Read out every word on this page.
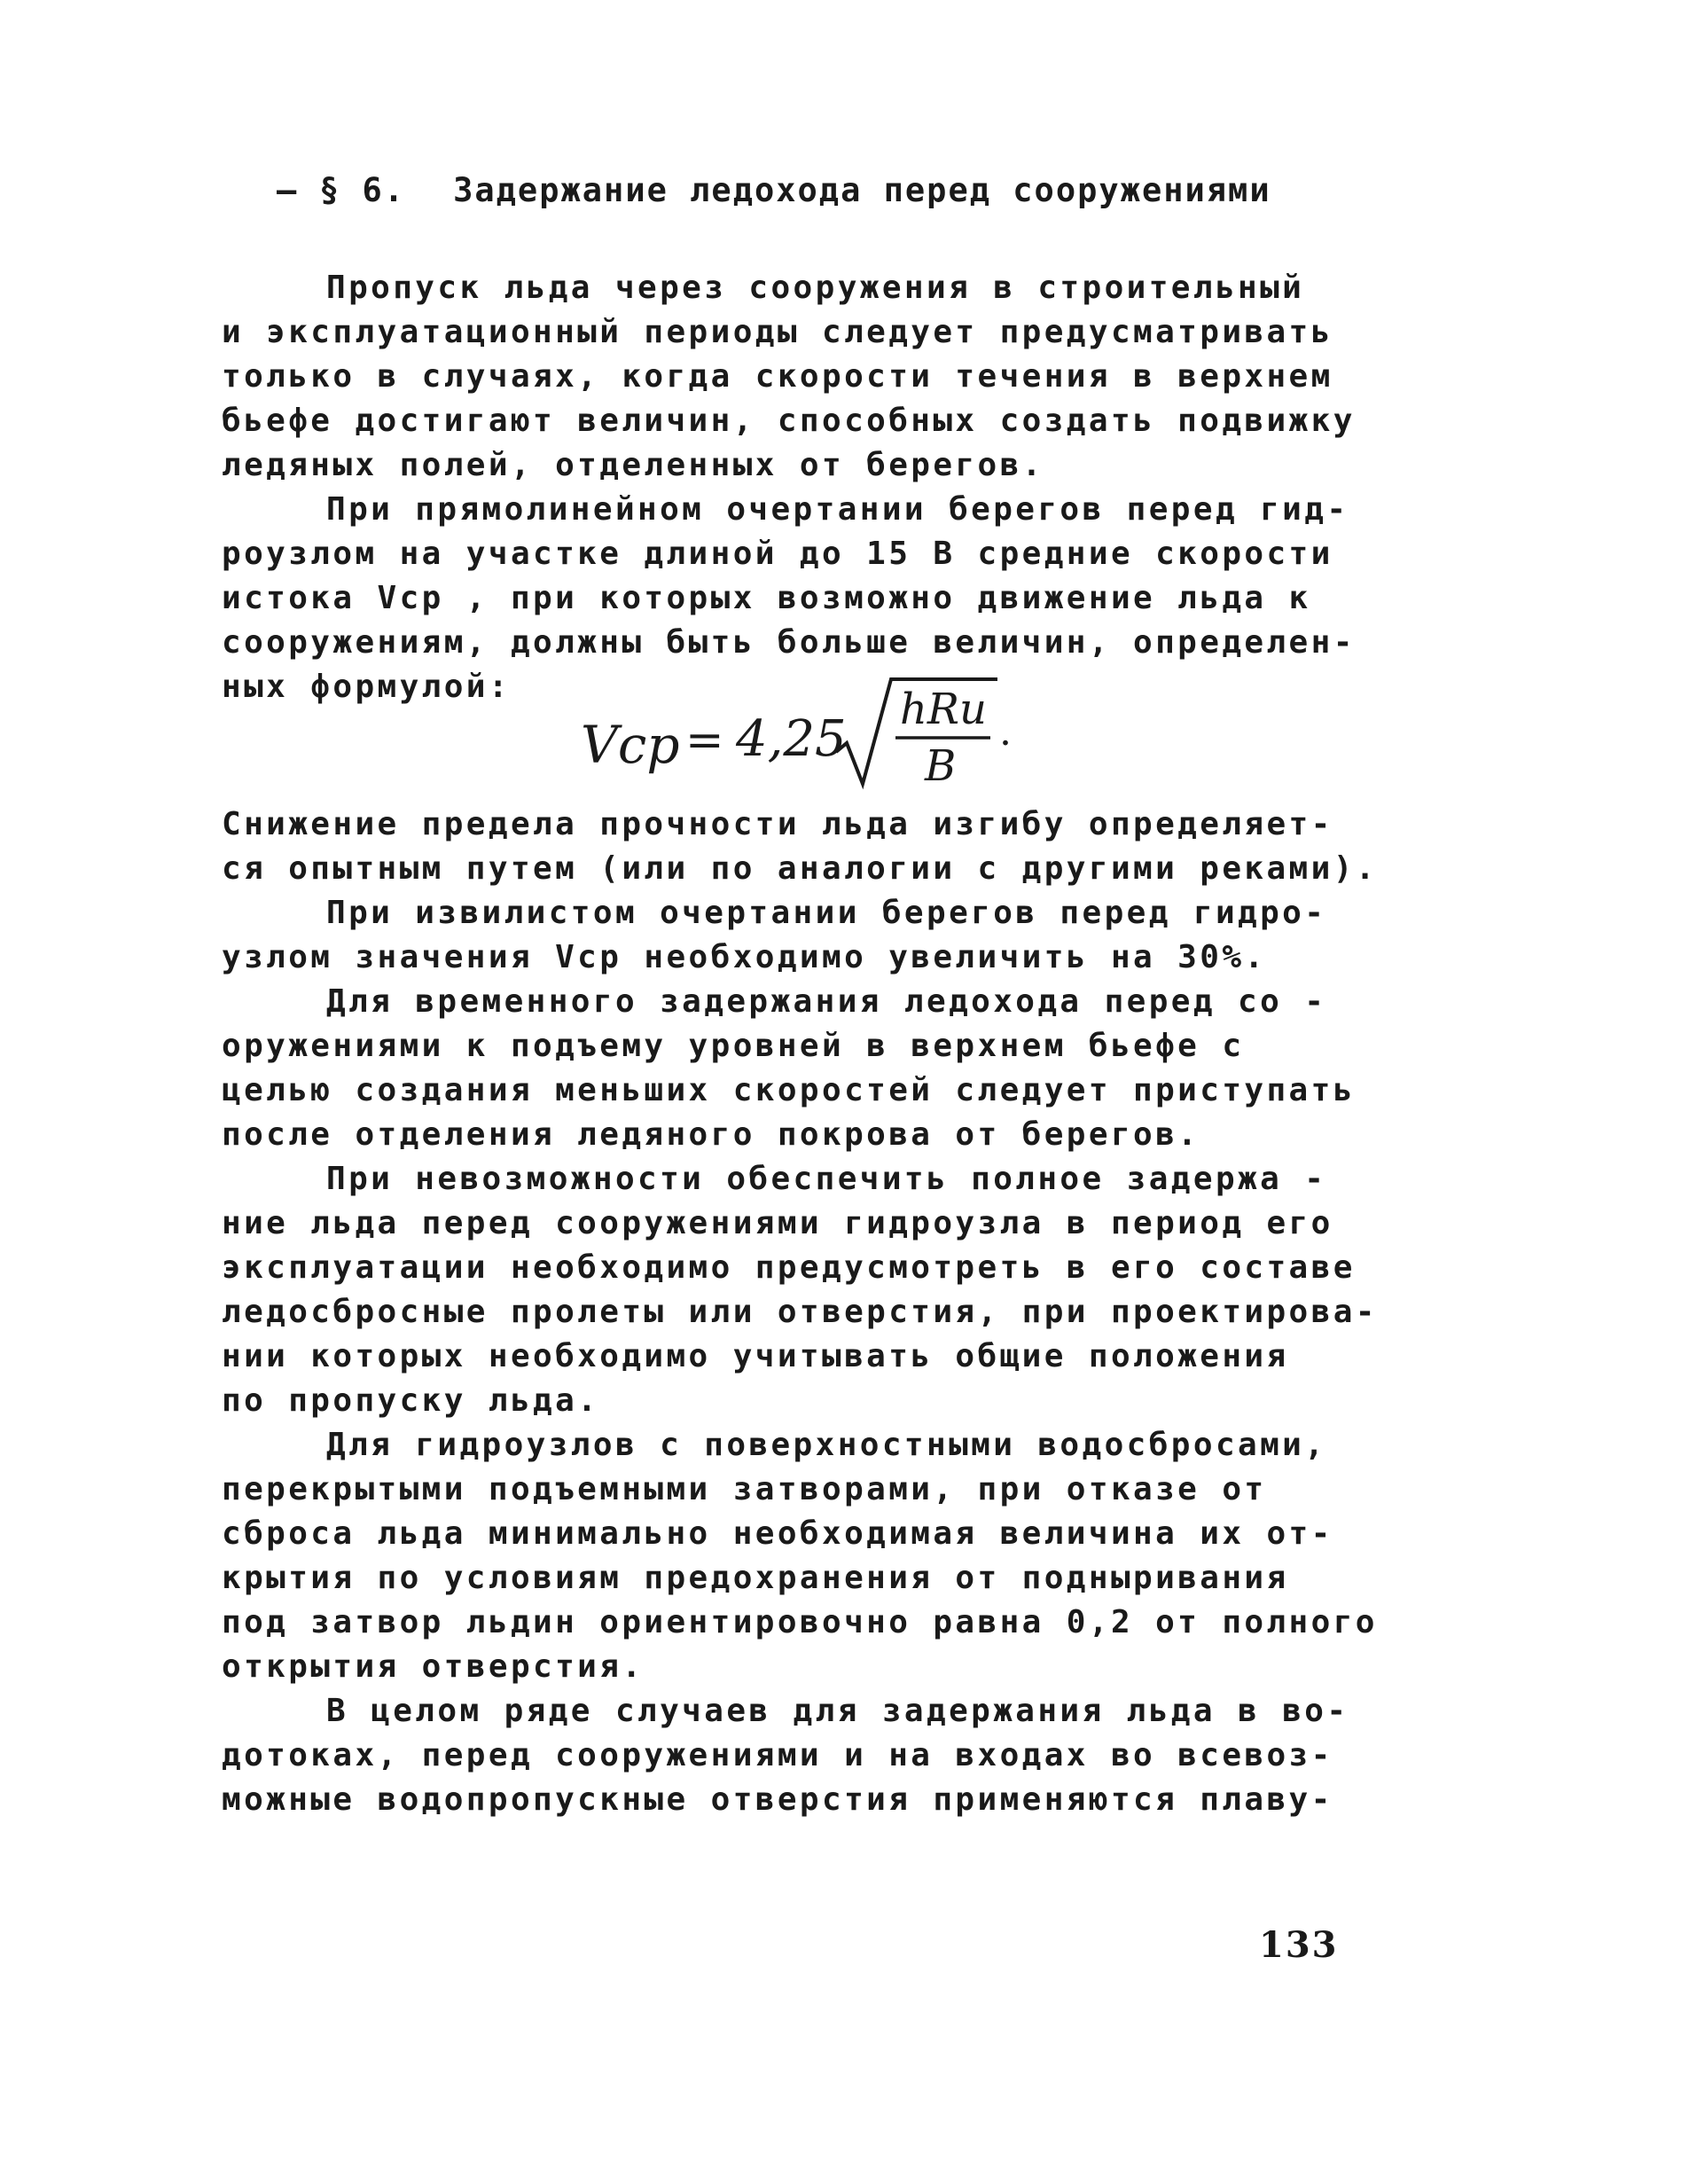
– § 6. Задержание ледохода перед сооружениями
Пропуск льда через сооружения в строительный
и эксплуатационный периоды следует предусматривать
только в случаях, когда скорости течения в верхнем
бьефе достигают величин, способных создать подвижку
ледяных полей, отделенных от берегов.
При прямолинейном очертании берегов перед гид-
роузлом на участке длиной до 15 B средние скорости
истока Vср , при которых возможно движение льда к
сооружениям, должны быть больше величин, определен-
ных формулой:
Vср = 4,25
hRи
B
.
Снижение предела прочности льда изгибу определяет-
ся опытным путем (или по аналогии с другими реками).
При извилистом очертании берегов перед гидро-
узлом значения Vср необходимо увеличить на 30%.
Для временного задержания ледохода перед со -
оружениями к подъему уровней в верхнем бьефе с
целью создания меньших скоростей следует приступать
после отделения ледяного покрова от берегов.
При невозможности обеспечить полное задержа -
ние льда перед сооружениями гидроузла в период его
эксплуатации необходимо предусмотреть в его составе
ледосбросные пролеты или отверстия, при проектирова-
нии которых необходимо учитывать общие положения
по пропуску льда.
Для гидроузлов с поверхностными водосбросами,
перекрытыми подъемными затворами, при отказе от
сброса льда минимально необходимая величина их от-
крытия по условиям предохранения от подныривания
под затвор льдин ориентировочно равна 0,2 от полного
открытия отверстия.
В целом ряде случаев для задержания льда в во-
дотоках, перед сооружениями и на входах во всевоз-
можные водопропускные отверстия применяются плаву-
133
